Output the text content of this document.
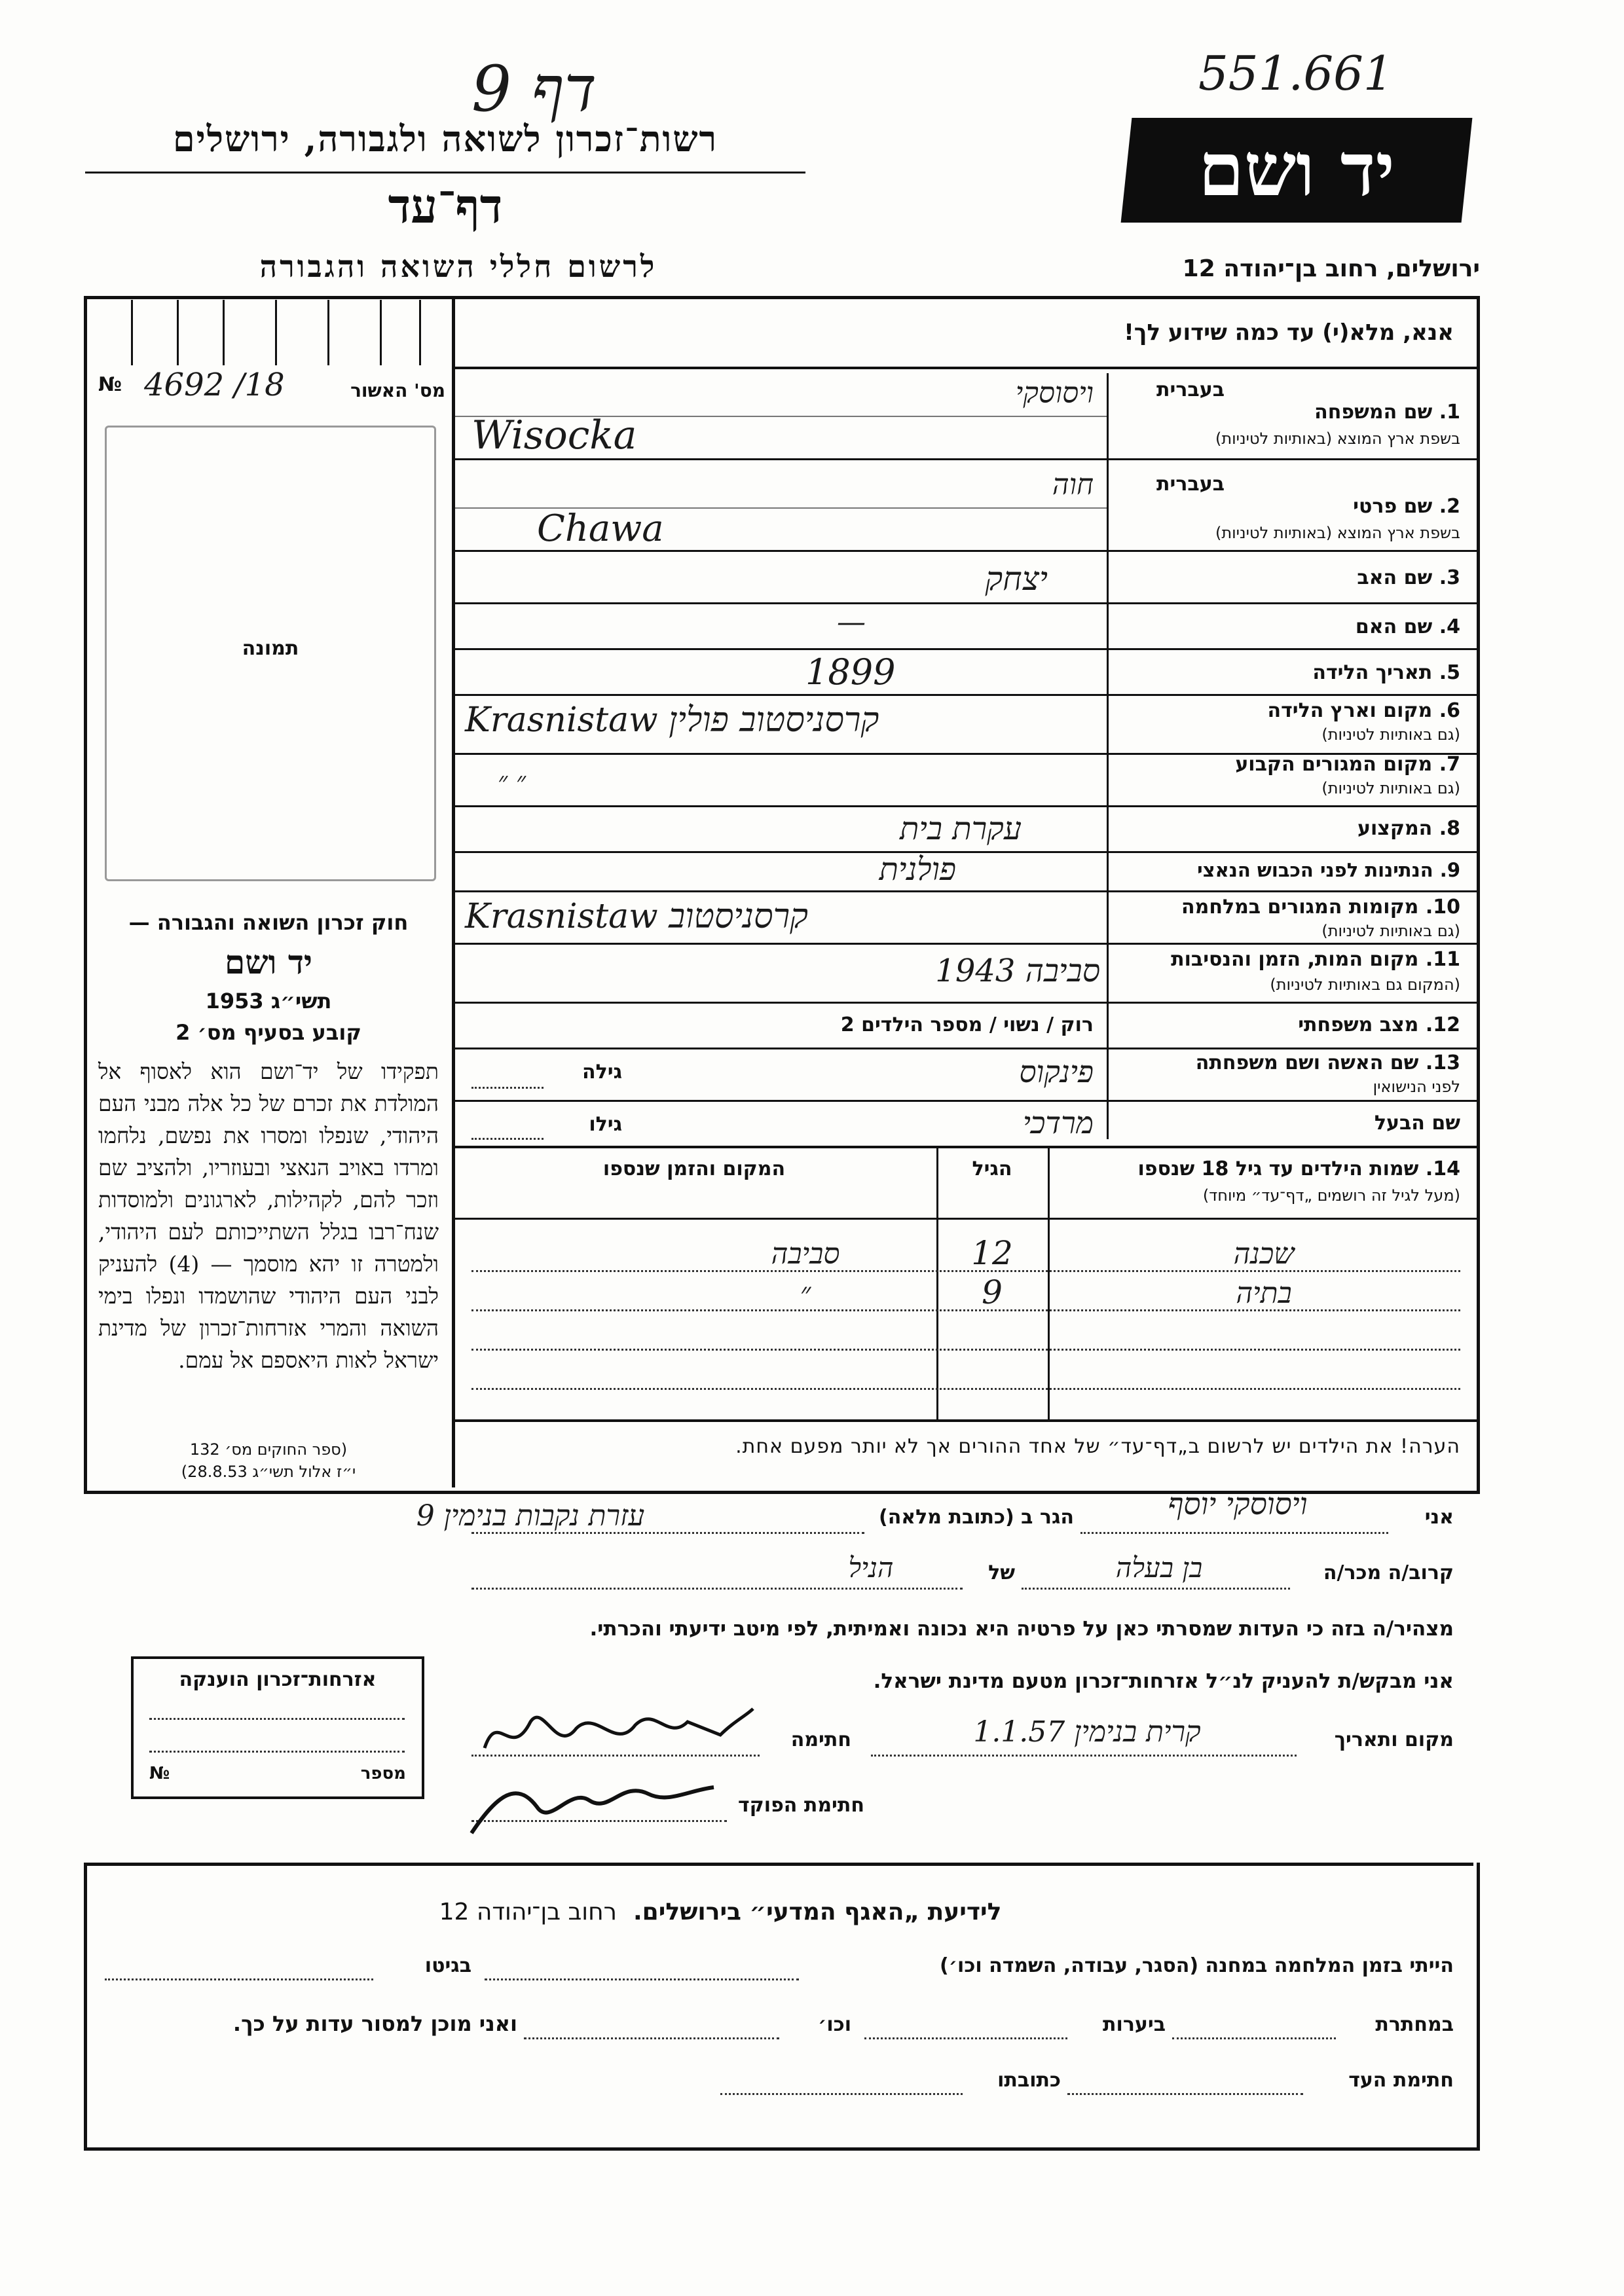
דף 9	551.661
רשות־זכרון לשואה ולגבורה, ירושלים
דף־עד
לרשום חללי השואה והגבורה
יד ושם
ירושלים, רחוב בן־יהודה 12
אנא, מלא(י) עד כמה שידוע לך!
№ 4692 /18	מס' האשור
תמונה
בעברית
1. שם המשפחה
בשפת ארץ המוצא (באותיות לטיניות)
ויסוסקי
Wisocka
בעברית
2. שם פרטי
בשפת ארץ המוצא (באותיות לטיניות)
חוה
Chawa
3. שם האב
יצחק
4. שם האם
—
5. תאריך הלידה
1899
6. מקום וארץ הלידה
(גם באותיות לטיניות)
Krasnistaw קרסניסטוב פולין
7. מקום המגורים הקבוע
(גם באותיות לטיניות)
״ ״
8. המקצוע
עקרת בית
9. הנתינות לפני הכבוש הנאצי
פולנית
10. מקומות המגורים במלחמה
(גם באותיות לטיניות)
Krasnistaw קרסניסטוב
11. מקום המות, הזמן והנסיבות
(המקום גם באותיות לטיניות)
סביבה 1943
12. מצב משפחתי
רוק / נשוי / מספר הילדים 2
13. שם האשה ושם משפחתה
לפני הנישואין
פינקוס
גילה
שם הבעל
מרדכי
גילו
14. שמות הילדים עד גיל 18 שנספו
(מעל לגיל זה רושמים „דף־עד״ מיוחד)
הגיל
המקום והזמן שנספו
שכנה
12
סביבה
בתיה
9
״
הערה! את הילדים יש לרשום ב„דף־עד״ של אחד ההורים אך לא יותר מפעם אחת.
חוק זכרון השואה והגבורה —
יד ושם
תשי״ג 1953
קובע בסעיף מס׳ 2
תפקידו של יד־ושם הוא לאסוף אל המולדת את זכרם של כל אלה מבני העם היהודי, שנפלו ומסרו את נפשם, נלחמו ומרדו באויב הנאצי ובעוזריו, ולהציב שם וזכר להם, לקהילות, לארגונים ולמוסדות שנח־רבו בגלל השתייכותם לעם היהודי, ולמטרה זו יהא מוסמך — (4) להעניק לבני העם היהודי שהושמדו ונפלו בימי השואה והמרי אזרחות־זכרון של מדינת ישראל לאות היאספם אל עמם.
(ספר החוקים מס׳ 132
י״ז אלול תשי״ג 28.8.53)
אני
ויסוסקי יוסף
הגר ב (כתובת מלאה)
עזרת נקבות בנימין 9
קרוב/ה מכר/ה
בן בעלה
של
הניל
מצהיר/ה בזה כי העדות שמסרתי כאן על פרטיה היא נכונה ואמיתית, לפי מיטב ידיעתי והכרתי.
אני מבקש/ת להעניק לנ״ל אזרחות־זכרון מטעם מדינת ישראל.
מקום ותאריך
קרית בנימין 1.1.57
חתימה
חתימת הפוקד
אזרחות־זכרון הוענקה
מספר
№
לידיעת „האגף המדעי״ בירושלים.  רחוב בן־יהודה 12
הייתי בזמן המלחמה במחנה (הסגר, עבודה, השמדה וכו׳)
בגיטו
במחתרת
ביערות
וכו׳
ואני מוכן למסור עדות על כך.
חתימת העד
כתובתו
